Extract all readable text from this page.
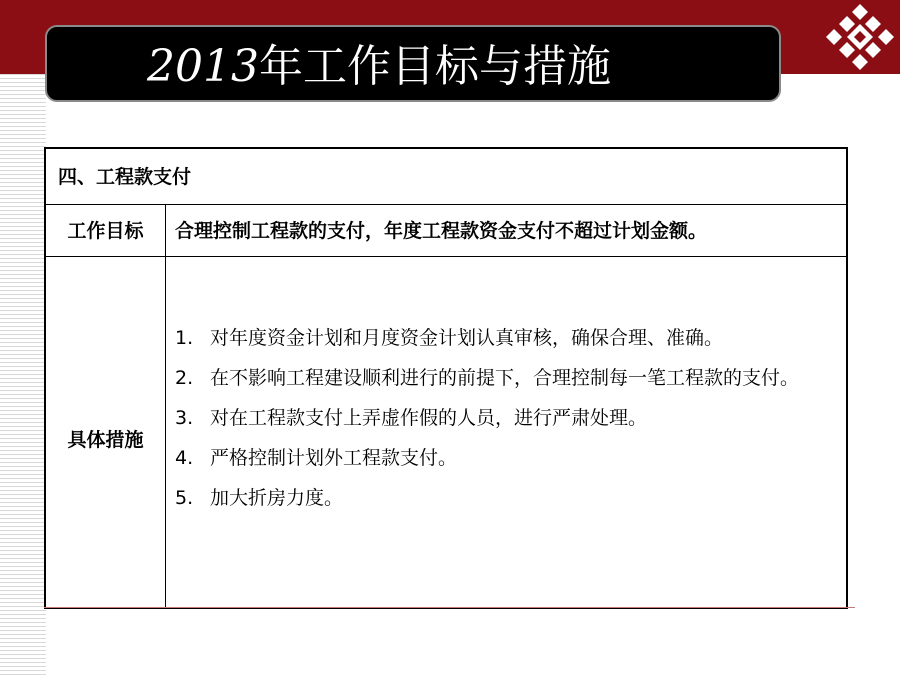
2013年工作目标与措施
四、工程款支付
工作目标	合理控制工程款的支付，年度工程款资金支付不超过计划金额。
具体措施
1. 对年度资金计划和月度资金计划认真审核，确保合理、准确。
2. 在不影响工程建设顺利进行的前提下，合理控制每一笔工程款的支付。
3. 对在工程款支付上弄虚作假的人员，进行严肃处理。
4. 严格控制计划外工程款支付。
5. 加大折房力度。
